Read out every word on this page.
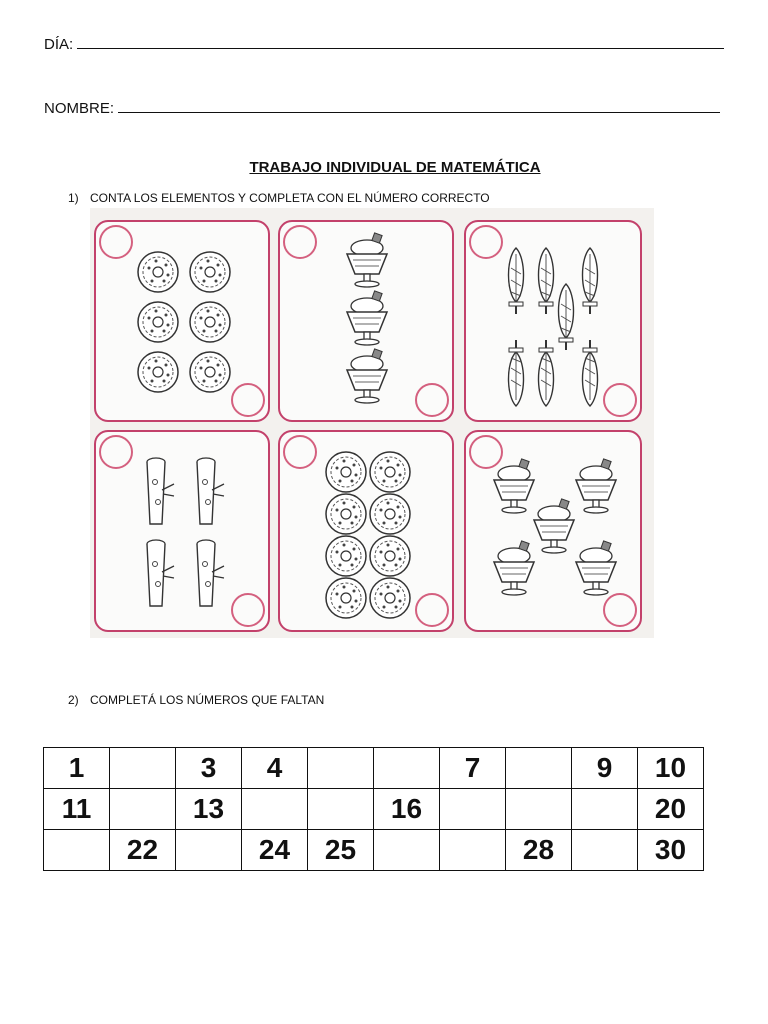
DÍA:
NOMBRE:
TRABAJO INDIVIDUAL DE MATEMÁTICA
1) CONTA LOS ELEMENTOS Y COMPLETA CON EL NÚMERO CORRECTO
2) COMPLETÁ LOS NÚMEROS QUE FALTAN
1		3	4			7		9	10
11		13			16				20
	22		24	25			28		30
